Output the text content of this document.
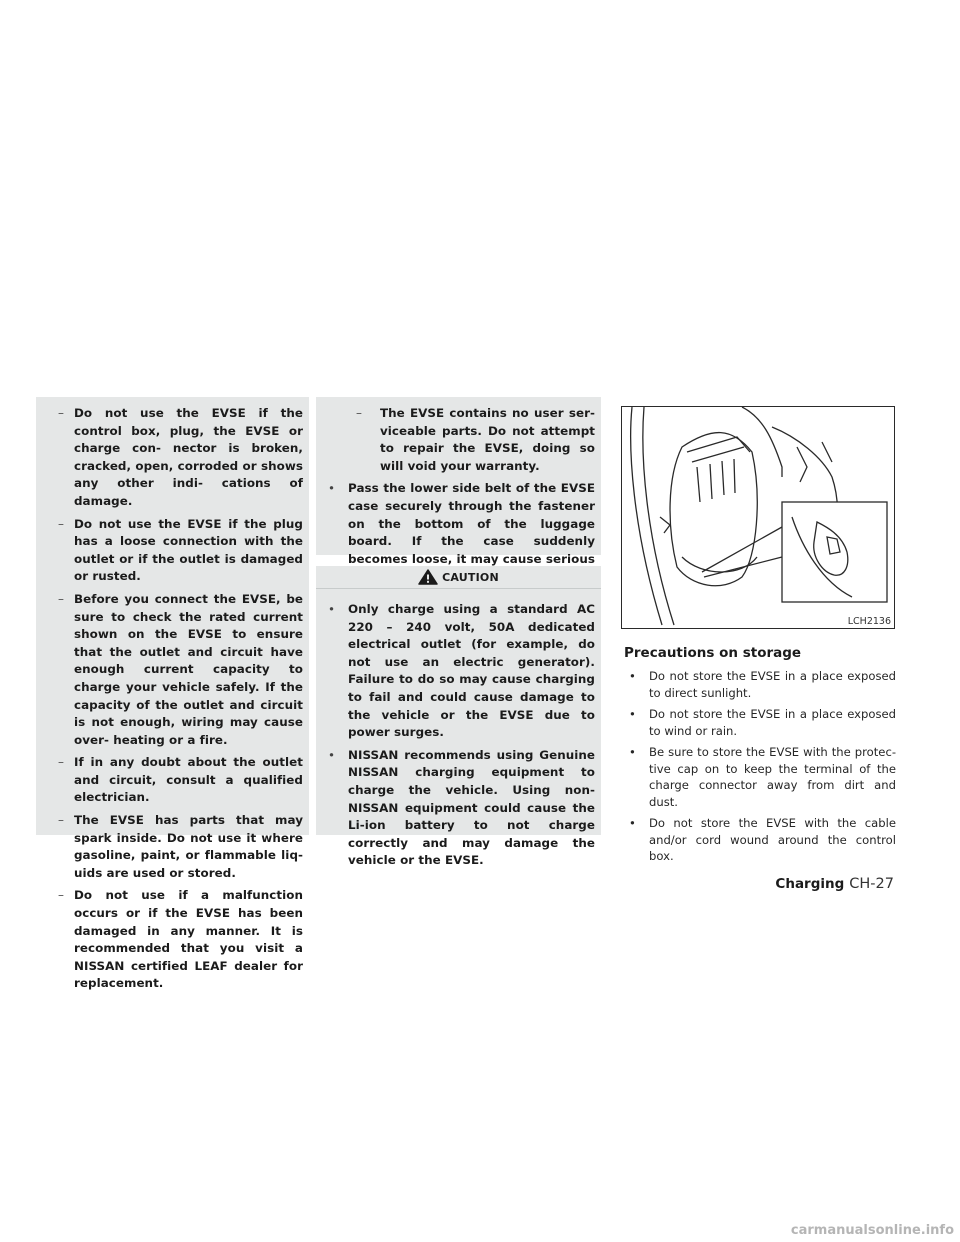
– Do not use the EVSE if the control box, plug, the EVSE or charge con- nector is broken, cracked, open, corroded or shows any other indi- cations of damage.
– Do not use the EVSE if the plug has a loose connection with the outlet or if the outlet is damaged or rusted.
– Before you connect the EVSE, be sure to check the rated current shown on the EVSE to ensure that the outlet and circuit have enough current capacity to charge your vehicle safely. If the capacity of the outlet and circuit is not enough, wiring may cause over- heating or a fire.
– If in any doubt about the outlet and circuit, consult a qualified electrician.
– The EVSE has parts that may spark inside. Do not use it where gasoline, paint, or flammable liq- uids are used or stored.
– Do not use if a malfunction occurs or if the EVSE has been damaged in any manner. It is recommended that you visit a NISSAN certified LEAF dealer for replacement.
– The EVSE contains no user ser- viceable parts. Do not attempt to repair the EVSE, doing so will void your warranty.
• Pass the lower side belt of the EVSE case securely through the fastener on the bottom of the luggage board. If the case suddenly becomes loose, it may cause serious
CAUTION
• Only charge using a standard AC 220 – 240 volt, 50A dedicated electrical outlet (for example, do not use an electric generator). Failure to do so may cause charging to fail and could cause damage to the vehicle or the EVSE due to power surges.
• NISSAN recommends using Genuine NISSAN charging equipment to charge the vehicle. Using non- NISSAN equipment could cause the Li-ion battery to not charge correctly and may damage the vehicle or the EVSE.
LCH2136
Precautions on storage
• Do not store the EVSE in a place exposed to direct sunlight.
• Do not store the EVSE in a place exposed to wind or rain.
• Be sure to store the EVSE with the protec- tive cap on to keep the terminal of the charge connector away from dirt and dust.
• Do not store the EVSE with the cable and/or cord wound around the control box.
Charging CH-27
carmanualsonline.info
